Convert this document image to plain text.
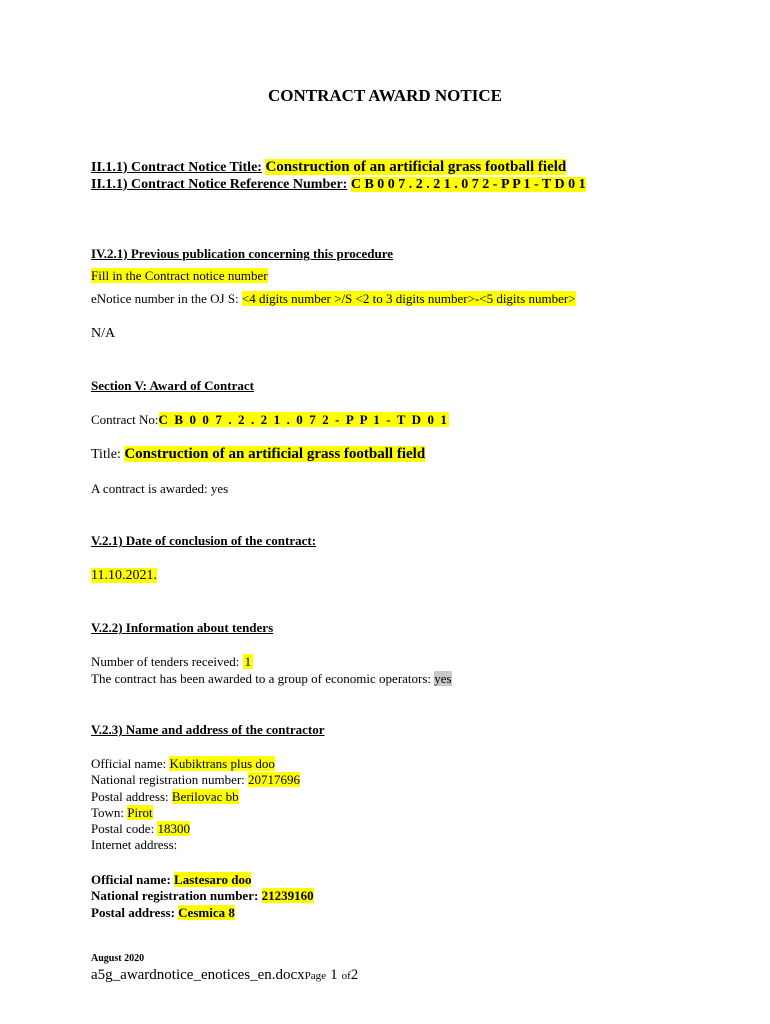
CONTRACT AWARD NOTICE
II.1.1) Contract Notice Title: Construction of an artificial grass football field
II.1.1) Contract Notice Reference Number: C B 0 0 7 . 2 . 2 1 . 0 7 2 - P P 1 - T D 0 1
IV.2.1) Previous publication concerning this procedure
Fill in the Contract notice number
eNotice number in the OJ S: <4 digits number >/S <2 to 3 digits number>-<5 digits number>
N/A
Section V: Award of Contract
Contract No:C B 0 0 7 . 2 . 2 1 . 0 7 2 - P P 1 - T D 0 1
Title: Construction of an artificial grass football field
A contract is awarded: yes
V.2.1) Date of conclusion of the contract:
11.10.2021.
V.2.2) Information about tenders
Number of tenders received: 1
The contract has been awarded to a group of economic operators: yes
V.2.3) Name and address of the contractor
Official name: Kubiktrans plus doo
National registration number: 20717696
Postal address: Berilovac bb
Town: Pirot
Postal code: 18300
Internet address:
Official name: Lastesaro doo
National registration number: 21239160
Postal address: Cesmica 8
August 2020
a5g_awardnotice_enotices_en.docxPage 1 of2
